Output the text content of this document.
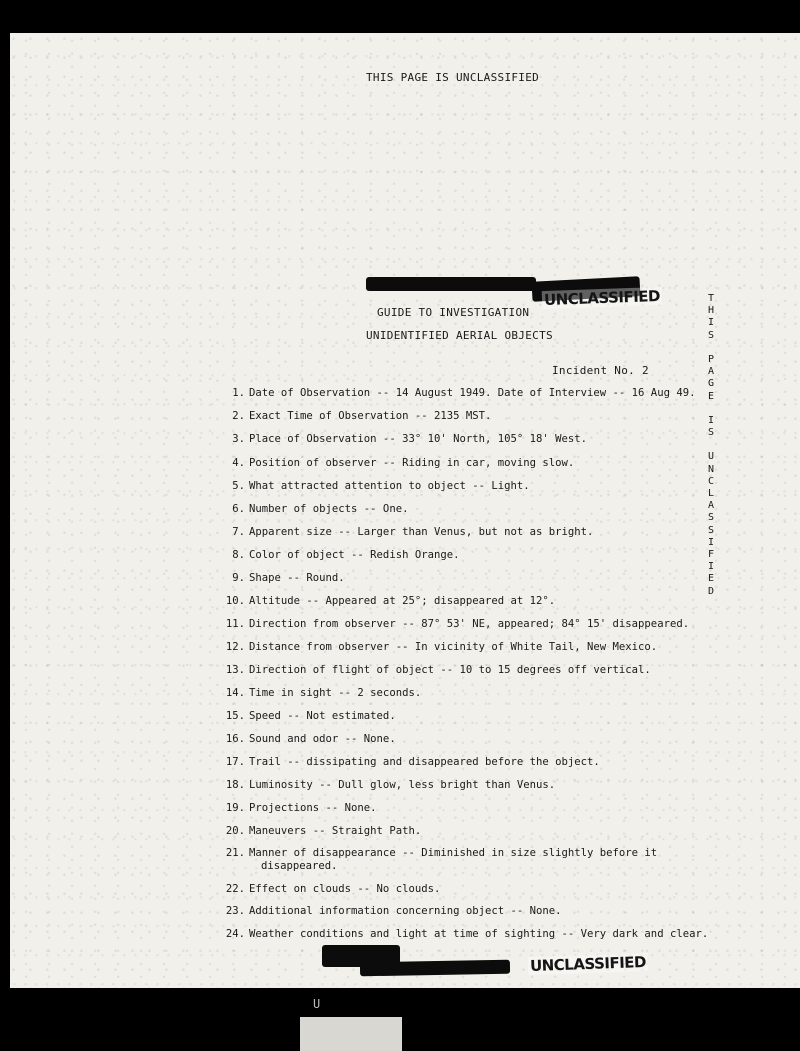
THIS PAGE IS UNCLASSIFIED
UNCLASSIFIED
GUIDE TO INVESTIGATION
UNIDENTIFIED AERIAL OBJECTS
Incident No. 2
1. Date of Observation -- 14 August 1949. Date of Interview -- 16 Aug 49.
2. Exact Time of Observation -- 2135 MST.
3. Place of Observation -- 33° 10' North, 105° 18' West.
4. Position of observer -- Riding in car, moving slow.
5. What attracted attention to object -- Light.
6. Number of objects -- One.
7. Apparent size -- Larger than Venus, but not as bright.
8. Color of object -- Redish Orange.
9. Shape -- Round.
10. Altitude -- Appeared at 25°; disappeared at 12°.
11. Direction from observer -- 87° 53' NE, appeared; 84° 15' disappeared.
12. Distance from observer -- In vicinity of White Tail, New Mexico.
13. Direction of flight of object -- 10 to 15 degrees off vertical.
14. Time in sight -- 2 seconds.
15. Speed -- Not estimated.
16. Sound and odor -- None.
17. Trail -- dissipating and disappeared before the object.
18. Luminosity -- Dull glow, less bright than Venus.
19. Projections -- None.
20. Maneuvers -- Straight Path.
21. Manner of disappearance -- Diminished in size slightly before it
disappeared.
22. Effect on clouds -- No clouds.
23. Additional information concerning object -- None.
24. Weather conditions and light at time of sighting -- Very dark and clear.
T
H
I
S

P
A
G
E

I
S

U
N
C
L
A
S
S
I
F
I
E
D
UNCLASSIFIED
U
